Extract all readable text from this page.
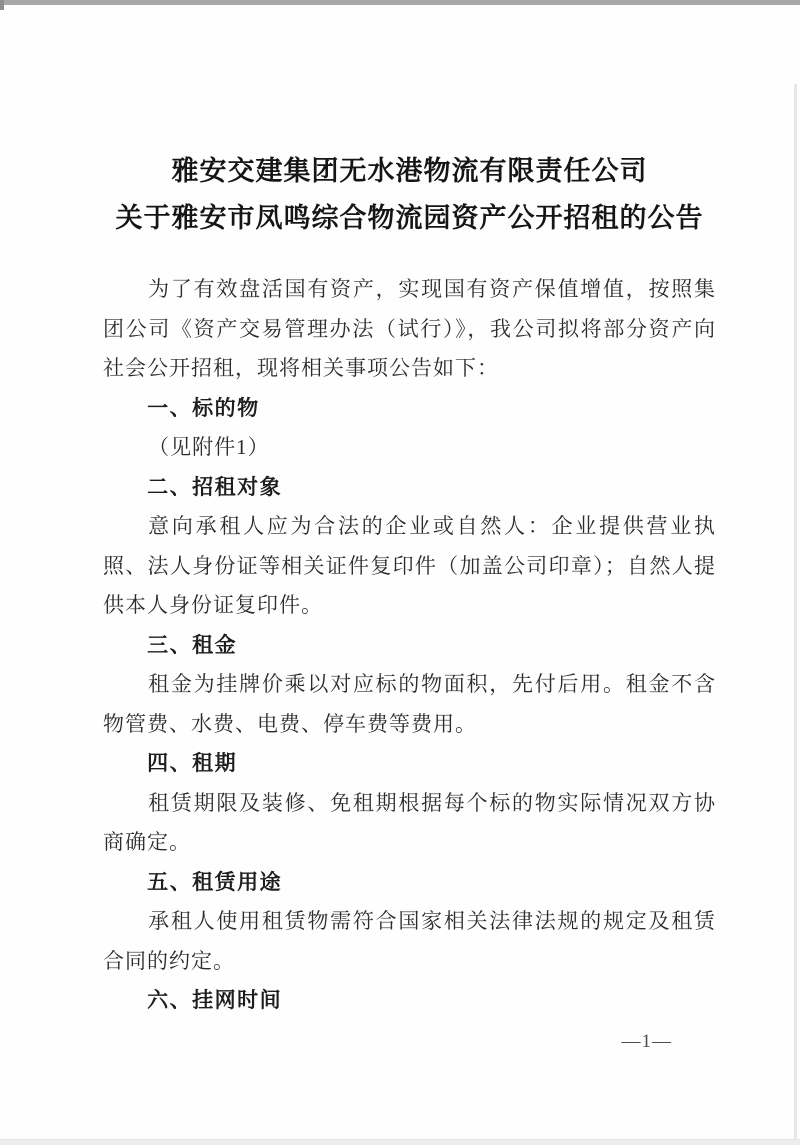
雅安交建集团无水港物流有限责任公司
关于雅安市凤鸣综合物流园资产公开招租的公告

为了有效盘活国有资产，实现国有资产保值增值，按照集团公司《资产交易管理办法（试行）》，我公司拟将部分资产向社会公开招租，现将相关事项公告如下：

一、标的物

（见附件1）

二、招租对象

意向承租人应为合法的企业或自然人：企业提供营业执照、法人身份证等相关证件复印件（加盖公司印章）；自然人提供本人身份证复印件。

三、租金

租金为挂牌价乘以对应标的物面积，先付后用。租金不含物管费、水费、电费、停车费等费用。

四、租期

租赁期限及装修、免租期根据每个标的物实际情况双方协商确定。

五、租赁用途

承租人使用租赁物需符合国家相关法律法规的规定及租赁合同的约定。

六、挂网时间
—1—
